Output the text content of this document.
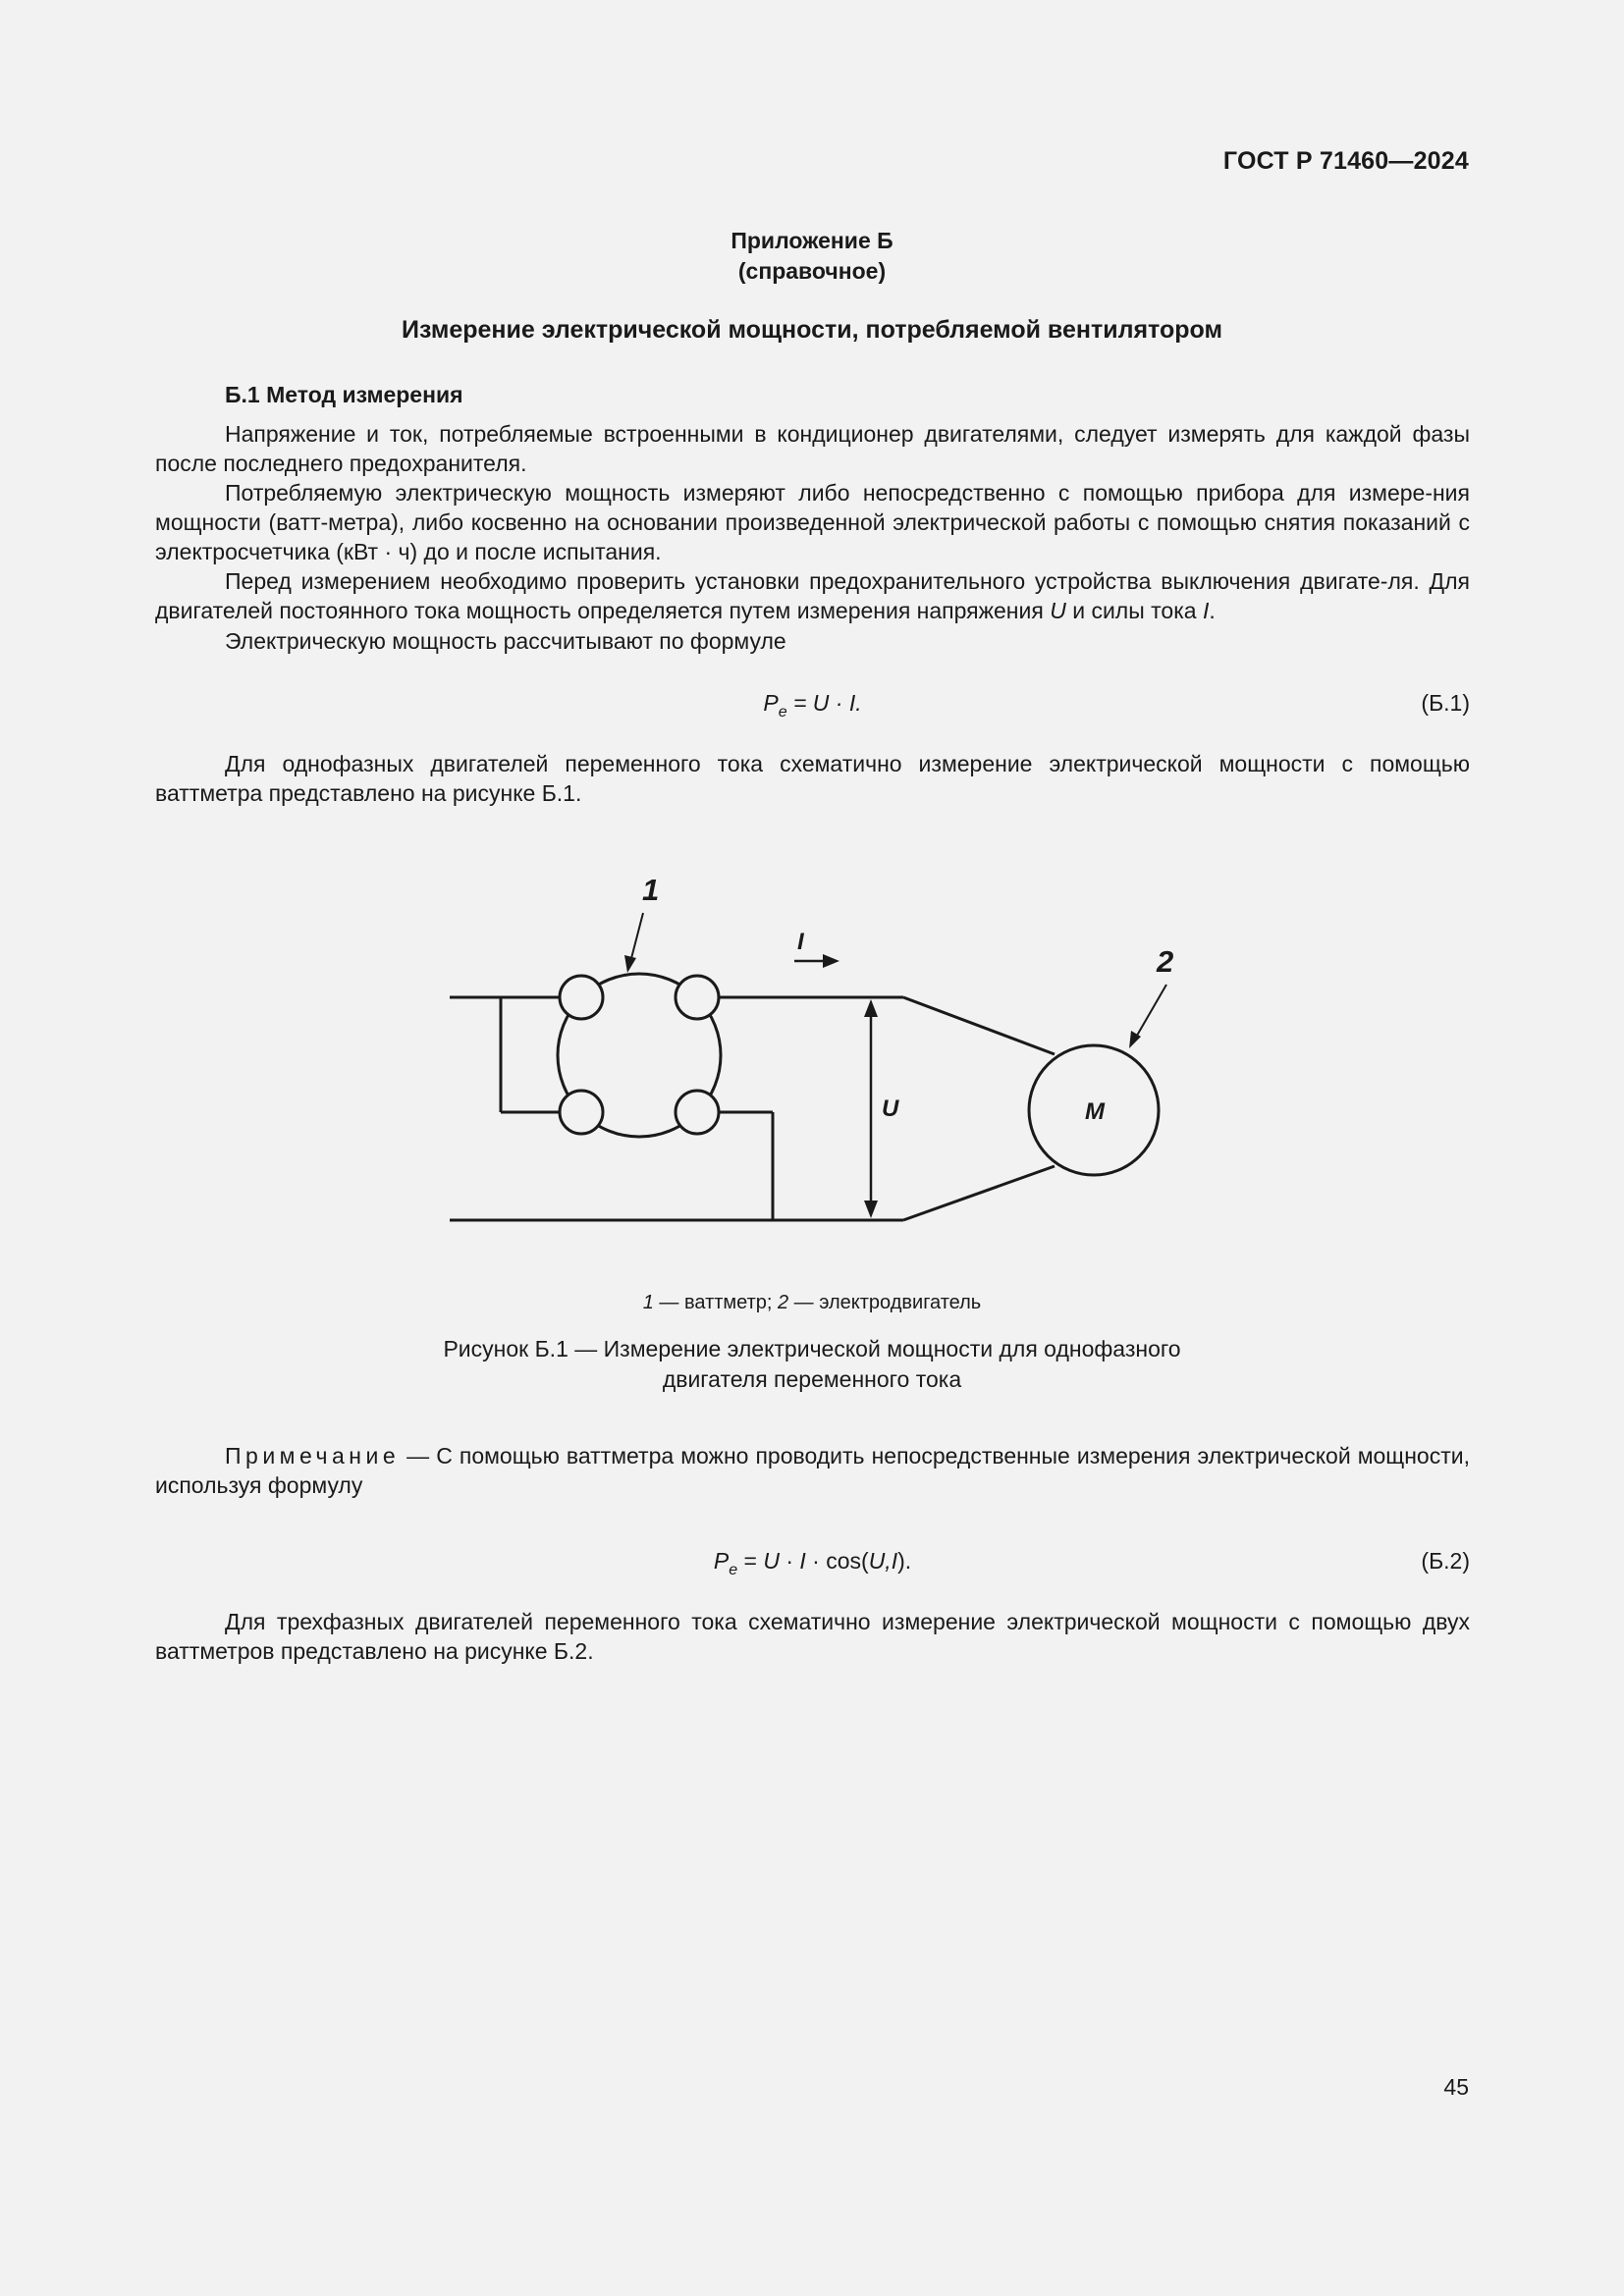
ГОСТ Р 71460—2024
Приложение Б
(справочное)
Измерение электрической мощности, потребляемой вентилятором
Б.1 Метод измерения
Напряжение и ток, потребляемые встроенными в кондиционер двигателями, следует измерять для каждой фазы после последнего предохранителя.
Потребляемую электрическую мощность измеряют либо непосредственно с помощью прибора для измере-ния мощности (ватт-метра), либо косвенно на основании произведенной электрической работы с помощью снятия показаний с электросчетчика (кВт · ч) до и после испытания.
Перед измерением необходимо проверить установки предохранительного устройства выключения двигате-ля. Для двигателей постоянного тока мощность определяется путем измерения напряжения U и силы тока I.
Электрическую мощность рассчитывают по формуле
$P_e = U \cdot I$.	(Б.1)
Для однофазных двигателей переменного тока схематично измерение электрической мощности с помощью ваттметра представлено на рисунке Б.1.
1
2
I
U	M
1 — ваттметр; 2 — электродвигатель
Рисунок Б.1 — Измерение электрической мощности для однофазного
двигателя переменного тока
Примечание — С помощью ваттметра можно проводить непосредственные измерения электрической мощности, используя формулу
$P_e = U \cdot I \cdot \cos(U,I)$.	(Б.2)
Для трехфазных двигателей переменного тока схематично измерение электрической мощности с помощью двух ваттметров представлено на рисунке Б.2.
45
